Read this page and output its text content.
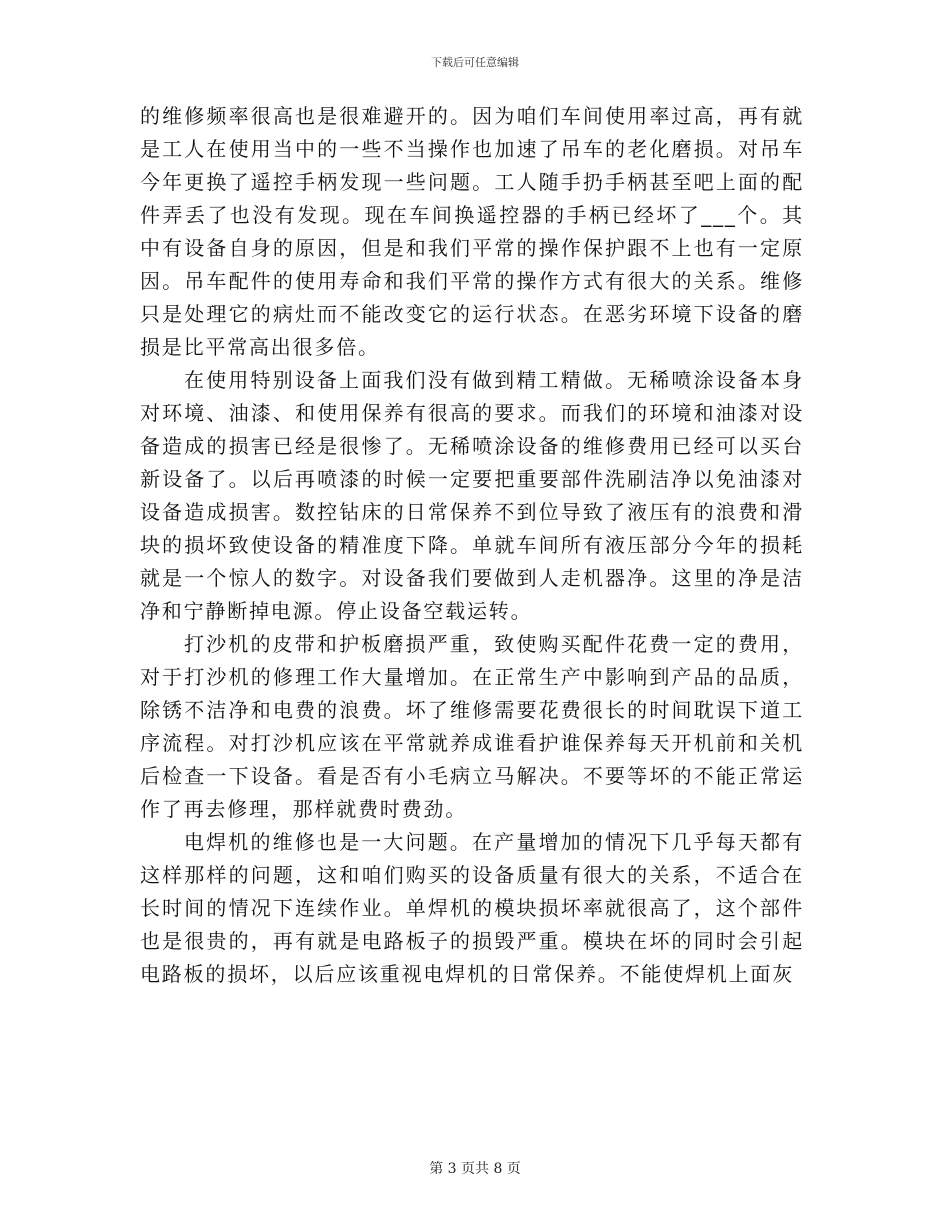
下载后可任意编辑

的维修频率很高也是很难避开的。因为咱们车间使用率过高，再有就是工人在使用当中的一些不当操作也加速了吊车的老化磨损。对吊车今年更换了遥控手柄发现一些问题。工人随手扔手柄甚至吧上面的配件弄丢了也没有发现。现在车间换遥控器的手柄已经坏了___个。其中有设备自身的原因，但是和我们平常的操作保护跟不上也有一定原因。吊车配件的使用寿命和我们平常的操作方式有很大的关系。维修只是处理它的病灶而不能改变它的运行状态。在恶劣环境下设备的磨损是比平常高出很多倍。

在使用特别设备上面我们没有做到精工精做。无稀喷涂设备本身对环境、油漆、和使用保养有很高的要求。而我们的环境和油漆对设备造成的损害已经是很惨了。无稀喷涂设备的维修费用已经可以买台新设备了。以后再喷漆的时候一定要把重要部件洗刷洁净以免油漆对设备造成损害。数控钻床的日常保养不到位导致了液压有的浪费和滑块的损坏致使设备的精准度下降。单就车间所有液压部分今年的损耗就是一个惊人的数字。对设备我们要做到人走机器净。这里的净是洁净和宁静断掉电源。停止设备空载运转。

打沙机的皮带和护板磨损严重，致使购买配件花费一定的费用，对于打沙机的修理工作大量增加。在正常生产中影响到产品的品质，除锈不洁净和电费的浪费。坏了维修需要花费很长的时间耽误下道工序流程。对打沙机应该在平常就养成谁看护谁保养每天开机前和关机后检查一下设备。看是否有小毛病立马解决。不要等坏的不能正常运作了再去修理，那样就费时费劲。

电焊机的维修也是一大问题。在产量增加的情况下几乎每天都有这样那样的问题，这和咱们购买的设备质量有很大的关系，不适合在长时间的情况下连续作业。单焊机的模块损坏率就很高了，这个部件也是很贵的，再有就是电路板子的损毁严重。模块在坏的同时会引起电路板的损坏，以后应该重视电焊机的日常保养。不能使焊机上面灰

第 3 页共 8 页
